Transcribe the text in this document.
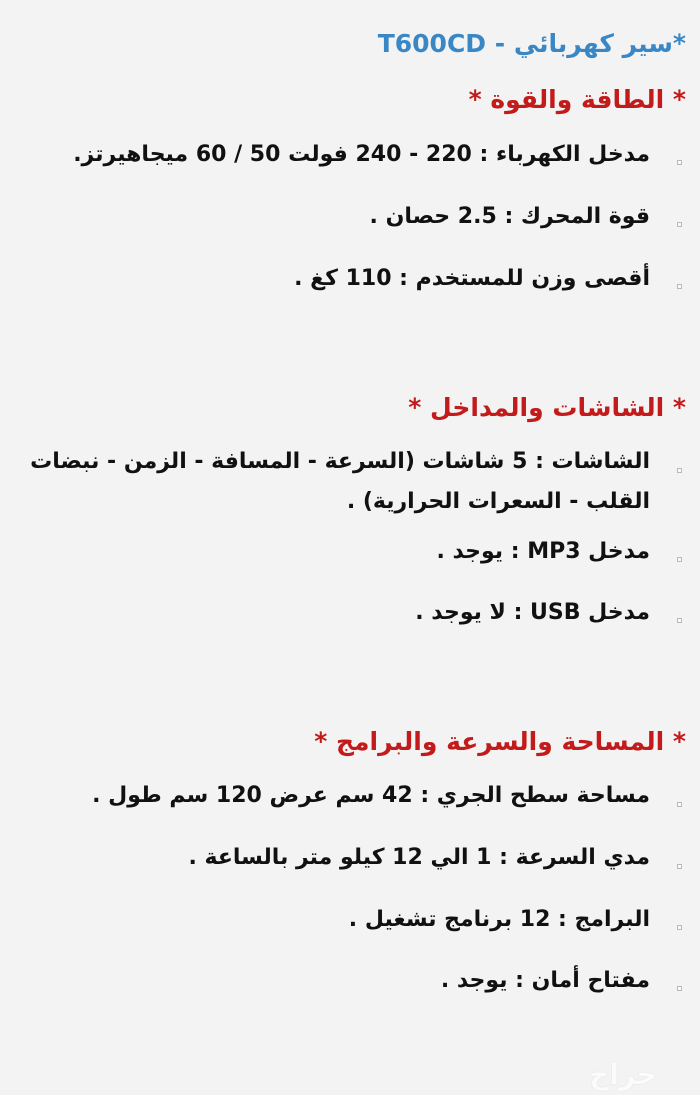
*سير كهربائي - T600CD
* الطاقة والقوة *
مدخل الكهرباء : 220 - 240 فولت 50 / 60 ميجاهيرتز.
قوة المحرك : 2.5 حصان .
أقصى وزن للمستخدم : 110 كغ .
* الشاشات والمداخل *
الشاشات : 5 شاشات (السرعة - المسافة - الزمن - نبضات القلب - السعرات الحرارية) .
مدخل MP3 : يوجد .
مدخل USB : لا يوجد .
* المساحة والسرعة والبرامج *
مساحة سطح الجري : 42 سم عرض 120 سم طول .
مدي السرعة : 1 الي 12 كيلو متر بالساعة .
البرامج : 12 برنامج تشغيل .
مفتاح أمان : يوجد .
حراج
